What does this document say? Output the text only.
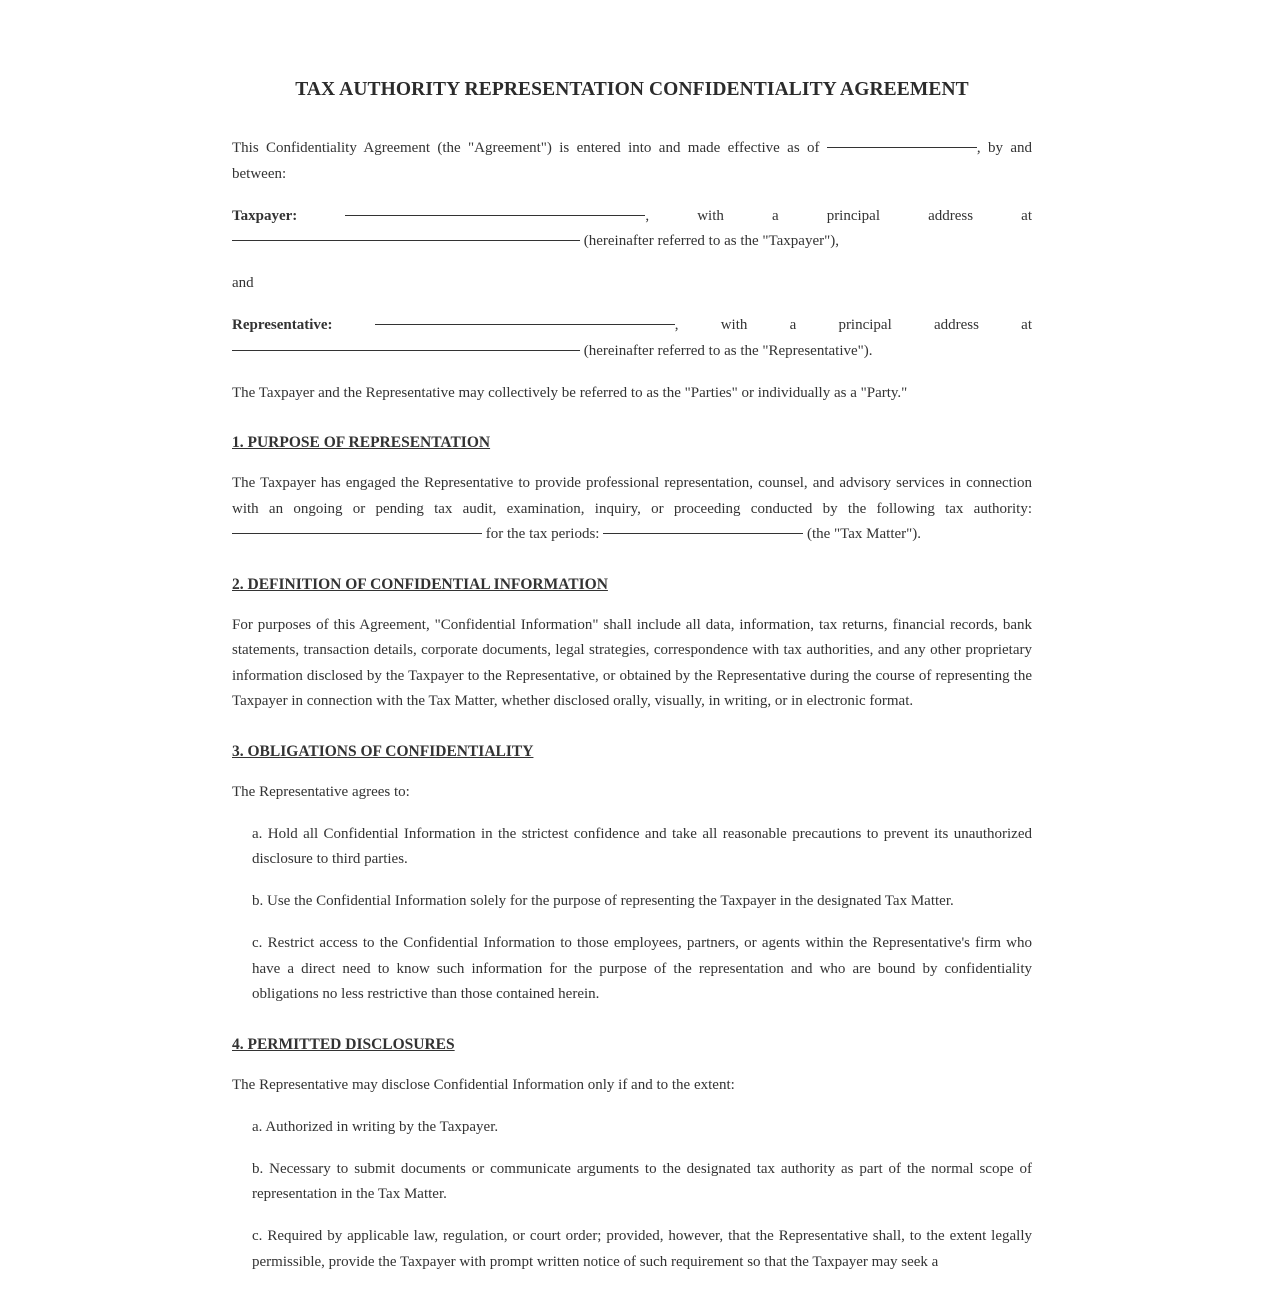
TAX AUTHORITY REPRESENTATION CONFIDENTIALITY AGREEMENT

This Confidentiality Agreement (the "Agreement") is entered into and made effective as of	, by and between:

Taxpayer:	,	with	a	principal	address	at
(hereinafter referred to as the "Taxpayer"),
and
Representative:	,	with	a	principal	address	at
(hereinafter referred to as the "Representative").

The Taxpayer and the Representative may collectively be referred to as the "Parties" or individually as a "Party."

1. PURPOSE OF REPRESENTATION

The Taxpayer has engaged the Representative to provide professional representation, counsel, and advisory services in connection with an ongoing or pending tax audit, examination, inquiry, or proceeding conducted by the following tax authority:  for the tax periods:	(the "Tax Matter").

2. DEFINITION OF CONFIDENTIAL INFORMATION

For purposes of this Agreement, "Confidential Information" shall include all data, information, tax returns, financial records, bank statements, transaction details, corporate documents, legal strategies, correspondence with tax authorities, and any other proprietary information disclosed by the Taxpayer to the Representative, or obtained by the Representative during the course of representing the Taxpayer in connection with the Tax Matter, whether disclosed orally, visually, in writing, or in electronic format.

3. OBLIGATIONS OF CONFIDENTIALITY

The Representative agrees to:

a. Hold all Confidential Information in the strictest confidence and take all reasonable precautions to prevent its unauthorized disclosure to third parties.

b. Use the Confidential Information solely for the purpose of representing the Taxpayer in the designated Tax Matter.

c. Restrict access to the Confidential Information to those employees, partners, or agents within the Representative's firm who have a direct need to know such information for the purpose of the representation and who are bound by confidentiality obligations no less restrictive than those contained herein.

4. PERMITTED DISCLOSURES

The Representative may disclose Confidential Information only if and to the extent:

a. Authorized in writing by the Taxpayer.

b. Necessary to submit documents or communicate arguments to the designated tax authority as part of the normal scope of representation in the Tax Matter.

c. Required by applicable law, regulation, or court order; provided, however, that the Representative shall, to the extent legally permissible, provide the Taxpayer with prompt written notice of such requirement so that the Taxpayer may seek a
